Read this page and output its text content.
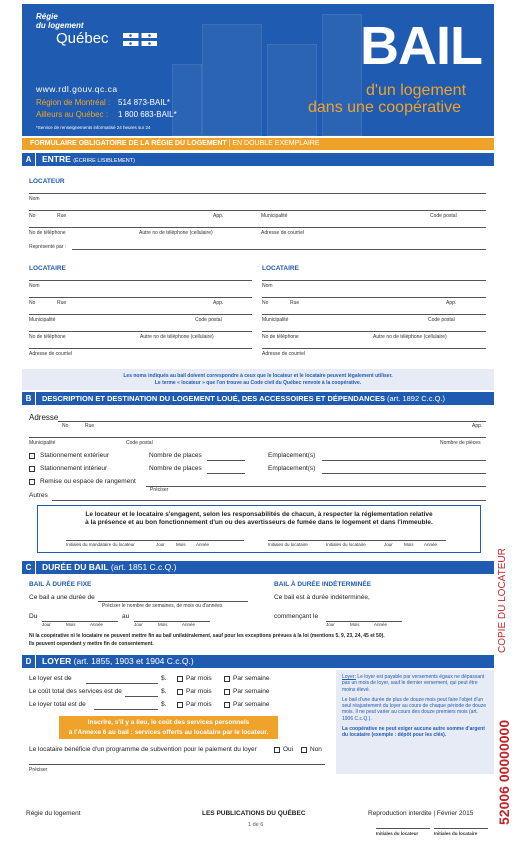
Régie
du logement
Québec
www.rdl.gouv.qc.ca
Région de Montréal : 514 873-BAIL*
Ailleurs au Québec : 1 800 683-BAIL*
*Service de renseignements informatisé 24 heures sur 24
BAIL
d'un logement
dans une coopérative
FORMULAIRE OBLIGATOIRE DE LA RÉGIE DU LOGEMENT | EN DOUBLE EXEMPLAIRE
A	ENTRE (ÉCRIRE LISIBLEMENT)
LOCATEUR
Nom
No	Rue	App.	Municipalité	Code postal
No de téléphone	Autre no de téléphone (cellulaire)	Adresse de courriel
Représenté par :
LOCATAIRE	LOCATAIRE
Nom	Nom
No	Rue	App.	No	Rue	App.
Municipalité	Code postal	Municipalité	Code postal
No de téléphone	Autre no de téléphone (cellulaire)	No de téléphone	Autre no de téléphone (cellulaire)
Adresse de courriel	Adresse de courriel
Les noms indiqués au bail doivent correspondre à ceux que le locateur et le locataire peuvent légalement utiliser.
Le terme « locateur » que l'on trouve au Code civil du Québec renvoie à la coopérative.
B	DESCRIPTION ET DESTINATION DU LOGEMENT LOUÉ, DES ACCESSOIRES ET DÉPENDANCES (art. 1892 C.c.Q.)
Adresse
No	Rue	App.
Municipalité	Code postal	Nombre de pièces
Stationnement extérieur	Nombre de places	Emplacement(s)
Stationnement intérieur	Nombre de places	Emplacement(s)
Remise ou espace de rangement
Préciser
Autres
Le locateur et le locataire s'engagent, selon les responsabilités de chacun, à respecter la réglementation relative
à la présence et au bon fonctionnement d'un ou des avertisseurs de fumée dans le logement et dans l'immeuble.
Initiales du mandataire du locateur	Jour Mois Année	Initiales du locataire	Initiales du locataire	Jour Mois Année
C	DURÉE DU BAIL (art. 1851 C.c.Q.)
BAIL À DURÉE FIXE
Ce bail a une durée de
Préciser le nombre de semaines, de mois ou d'années
Du	au
Jour	Mois	Année	Jour	Mois	Année
BAIL À DURÉE INDÉTERMINÉE
Ce bail est à durée indéterminée,
commençant le
Jour	Mois	Année
Ni la coopérative ni le locataire ne peuvent mettre fin au bail unilatéralement, sauf pour les exceptions prévues à la loi (mentions 5, 9, 23, 24, 45 et 50).
Ils peuvent cependant y mettre fin de consentement.
D	LOYER (art. 1855, 1903 et 1904 C.c.Q.)
Le loyer est de	$.	Par mois	Par semaine
Le coût total des services est de	$.	Par mois	Par semaine
Le loyer total est de	$.	Par mois	Par semaine
Inscrire, s'il y a lieu, le coût des services personnels
à l'Annexe 6 au bail : services offerts au locataire par le locateur.
Le locataire bénéficie d'un programme de subvention pour le paiement du loyer	Oui	Non
Préciser
Loyer: Le loyer est payable par versements égaux ne dépassant pas un mois de loyer, sauf le dernier versement, qui peut être moins élevé.
Le bail d'une durée de plus de douze mois peut faire l'objet d'un seul réajustement du loyer au cours de chaque période de douze mois. Il ne peut varier au cours des douze premiers mois (art. 1906 C.c.Q.).
La coopérative ne peut exiger aucune autre somme d'argent du locataire (exemple : dépôt pour les clés).
Régie du logement	LES PUBLICATIONS DU QUÉBEC
1 de 6
Reproduction interdite | Février 2015
Initiales du locateur	Initiales du locataire
COPIE DU LOCATEUR
52006 00000000
